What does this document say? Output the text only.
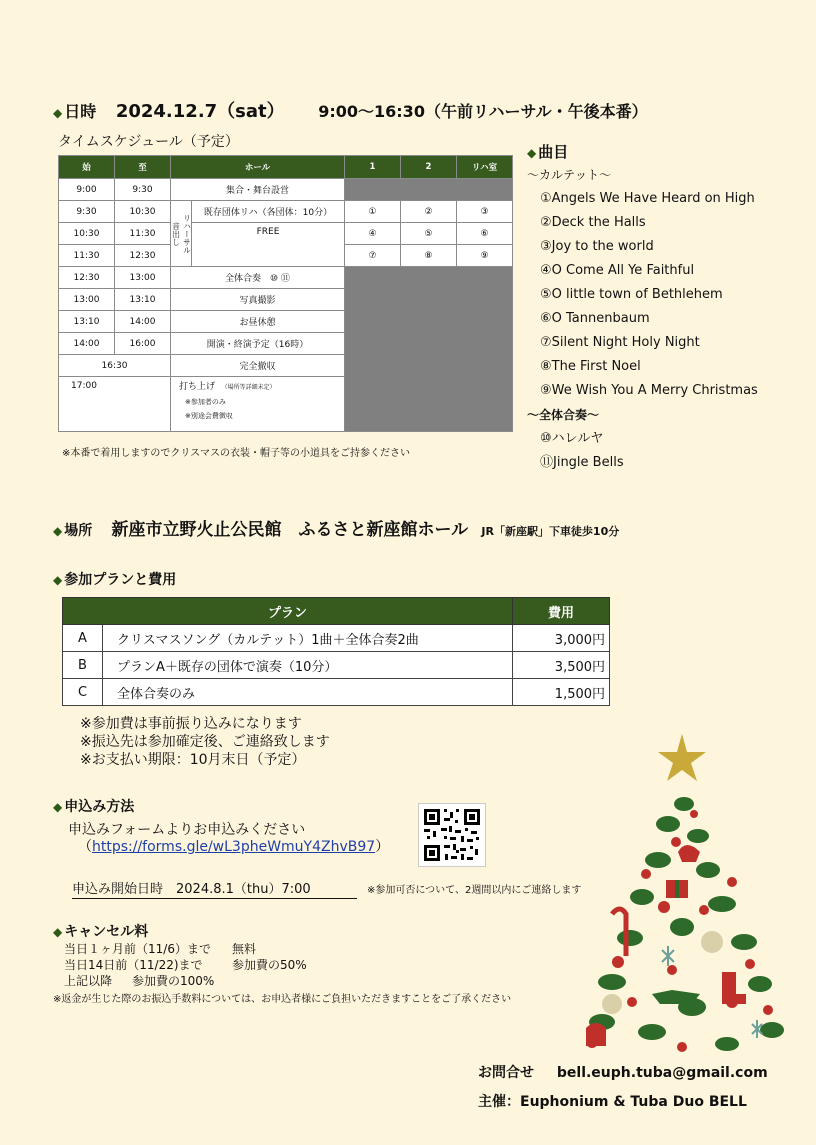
◆ 日時 2024.12.7（sat） 9:00〜16:30（午前リハーサル・午後本番）
タイムスケジュール（予定）
始	至	ホール		1	2	リハ室
9:00	9:30	集合・舞台設営				
9:30	10:30	音出し リハーサル	既存団体リハ（各団体：10分）	①	②	③
10:30	11:30		FREE	④	⑤	⑥
11:30	12:30			⑦	⑧	⑨
12:30	13:00	全体合奏　⑩ ⑪				
13:00	13:10	写真撮影				
13:10	14:00	お昼休憩				
14:00	16:00	開演・終演予定（16時）				
16:30		完全撤収				
17:00		打ち上げ （場所等詳細未定）
※参加者のみ
※別途会費徴収				
※本番で着用しますのでクリスマスの衣装・帽子等の小道具をご持参ください
◆ 曲目
〜カルテット〜
①Angels We Have Heard on High
②Deck the Halls
③Joy to the world
④O Come All Ye Faithful
⑤O little town of Bethlehem
⑥O Tannenbaum
⑦Silent Night Holy Night
⑧The First Noel
⑨We Wish You A Merry Christmas
〜全体合奏〜
⑩ハレルヤ
⑪Jingle Bells
◆ 場所 新座市立野火止公民館　ふるさと新座館ホール JR「新座駅」下車徒歩10分
◆ 参加プランと費用
プラン		費用
A	クリスマスソング（カルテット）1曲＋全体合奏2曲	3,000円
B	プランA＋既存の団体で演奏（10分）	3,500円
C	全体合奏のみ	1,500円
※参加費は事前振り込みになります
※振込先は参加確定後、ご連絡致します
※お支払い期限：10月末日（予定）
◆ 申込み方法
申込みフォームよりお申込みください
（https://forms.gle/wL3pheWmuY4ZhvB97）
申込み開始日時　2024.8.1（thu）7:00	※参加可否について、2週間以内にご連絡します
◆ キャンセル料
当日１ヶ月前（11/6）まで 無料
当日14日前（11/22)まで 参加費の50%
上記以降 参加費の100%
※返金が生じた際のお振込手数料については、お申込者様にご負担いただきますことをご了承ください
お問合せ bell.euph.tuba@gmail.com
主催：Euphonium & Tuba Duo BELL
